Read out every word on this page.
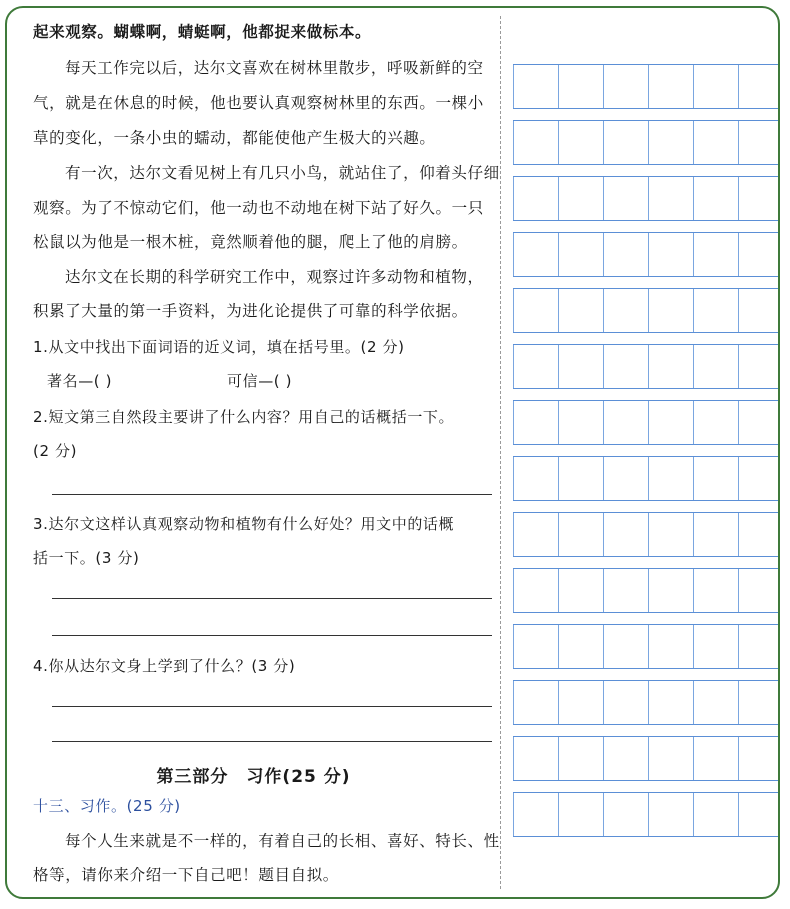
起来观察。蝴蝶啊，蜻蜓啊，他都捉来做标本。
每天工作完以后，达尔文喜欢在树林里散步，呼吸新鲜的空
气，就是在休息的时候，他也要认真观察树林里的东西。一棵小
草的变化，一条小虫的蠕动，都能使他产生极大的兴趣。
有一次，达尔文看见树上有几只小鸟，就站住了，仰着头仔细
观察。为了不惊动它们，他一动也不动地在树下站了好久。一只
松鼠以为他是一根木桩，竟然顺着他的腿，爬上了他的肩膀。
达尔文在长期的科学研究工作中，观察过许多动物和植物，
积累了大量的第一手资料，为进化论提供了可靠的科学依据。
1.从文中找出下面词语的近义词，填在括号里。(2 分)
著名—( )	可信—( )
2.短文第三自然段主要讲了什么内容？用自己的话概括一下。
(2 分)
3.达尔文这样认真观察动物和植物有什么好处？用文中的话概
括一下。(3 分)
4.你从达尔文身上学到了什么？(3 分)
第三部分　习作(25 分)
十三、习作。(25 分)
每个人生来就是不一样的，有着自己的长相、喜好、特长、性
格等，请你来介绍一下自己吧！题目自拟。
